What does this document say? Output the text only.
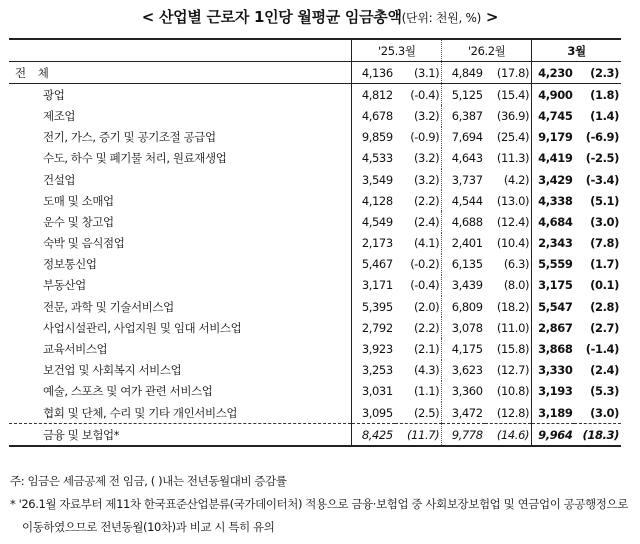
< 산업별 근로자 1인당 월평균 임금총액(단위: 천원, %) >
	'25.3월		'26.2월		3월	
전 체	4,136	(3.1)	4,849	(17.8)	4,230	(2.3)
광업	4,812	(-0.4)	5,125	(15.4)	4,900	(1.8)
제조업	4,678	(3.2)	6,387	(36.9)	4,745	(1.4)
전기, 가스, 증기 및 공기조절 공급업	9,859	(-0.9)	7,694	(25.4)	9,179	(-6.9)
수도, 하수 및 폐기물 처리, 원료재생업	4,533	(3.2)	4,643	(11.3)	4,419	(-2.5)
건설업	3,549	(3.2)	3,737	(4.2)	3,429	(-3.4)
도매 및 소매업	4,128	(2.2)	4,544	(13.0)	4,338	(5.1)
운수 및 창고업	4,549	(2.4)	4,688	(12.4)	4,684	(3.0)
숙박 및 음식점업	2,173	(4.1)	2,401	(10.4)	2,343	(7.8)
정보통신업	5,467	(-0.2)	6,135	(6.3)	5,559	(1.7)
부동산업	3,171	(-0.4)	3,439	(8.0)	3,175	(0.1)
전문, 과학 및 기술서비스업	5,395	(2.0)	6,809	(18.2)	5,547	(2.8)
사업시설관리, 사업지원 및 임대 서비스업	2,792	(2.2)	3,078	(11.0)	2,867	(2.7)
교육서비스업	3,923	(2.1)	4,175	(15.8)	3,868	(-1.4)
보건업 및 사회복지 서비스업	3,253	(4.3)	3,623	(12.7)	3,330	(2.4)
예술, 스포츠 및 여가 관련 서비스업	3,031	(1.1)	3,360	(10.8)	3,193	(5.3)
협회 및 단체, 수리 및 기타 개인서비스업	3,095	(2.5)	3,472	(12.8)	3,189	(3.0)
금융 및 보험업*	8,425	(11.7)	9,778	(14.6)	9,964	(18.3)
주: 임금은 세금공제 전 임금, ( )내는 전년동월대비 증감률
* '26.1월 자료부터 제11차 한국표준산업분류(국가데이터처) 적용으로 금융·보험업 중 사회보장보험업 및 연금업이 공공행정으로 이동하였으므로 전년동월(10차)과 비교 시 특히 유의
